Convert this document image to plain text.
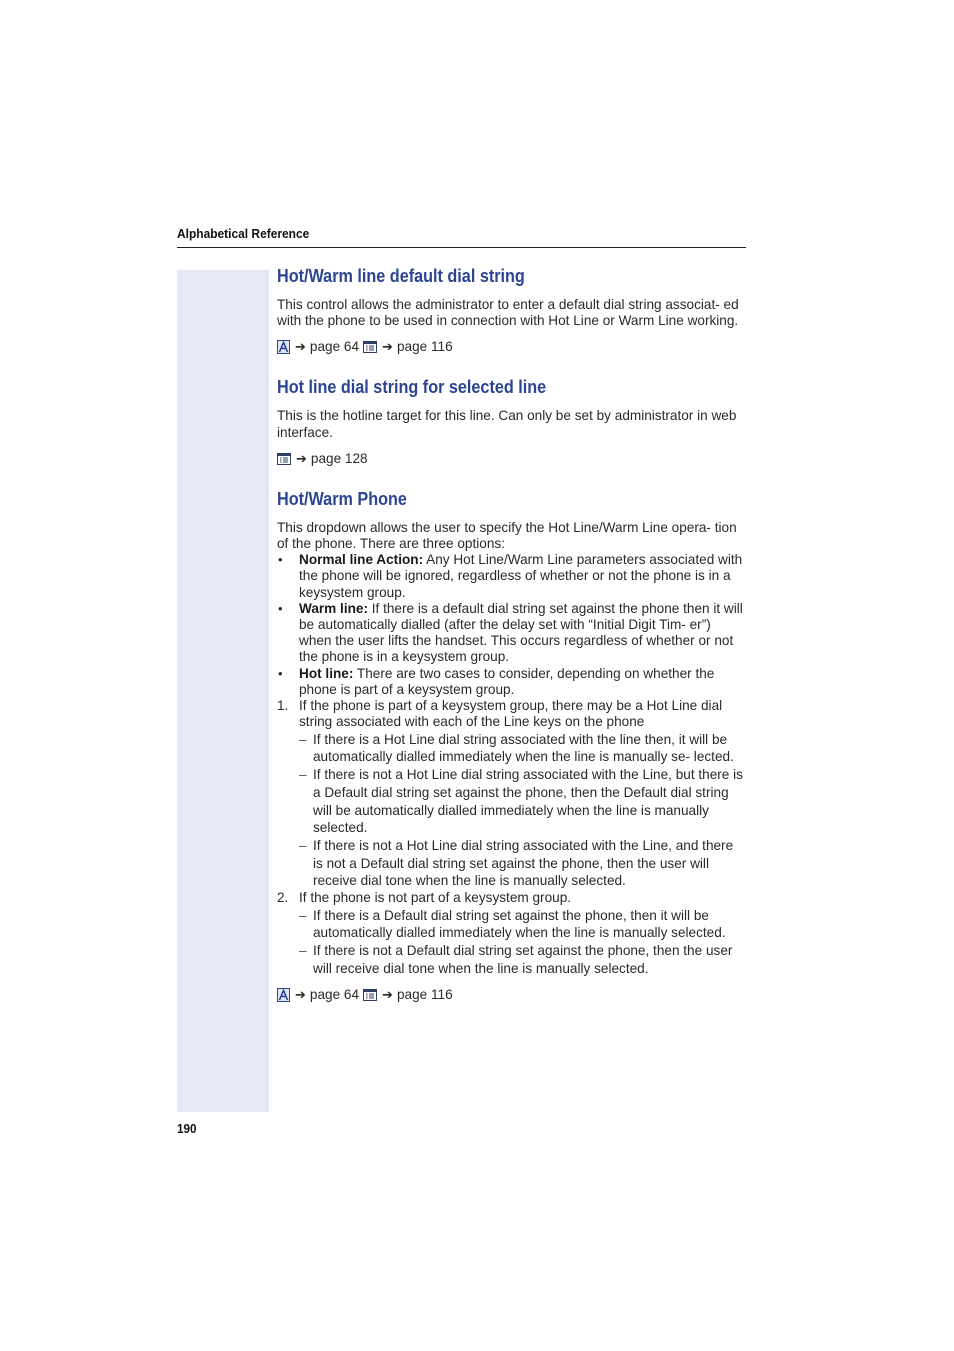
Alphabetical Reference
Hot/Warm line default dial string

This control allows the administrator to enter a default dial string associat- ed with the phone to be used in connection with Hot Line or Warm Line working.

➔ page 64 ➔ page 116
Hot line dial string for selected line

This is the hotline target for this line. Can only be set by administrator in web interface.

➔ page 128
Hot/Warm Phone

This dropdown allows the user to specify the Hot Line/Warm Line opera- tion of the phone. There are three options:

• Normal line Action: Any Hot Line/Warm Line parameters associated with the phone will be ignored, regardless of whether or not the phone is in a keysystem group.
• Warm line: If there is a default dial string set against the phone then it will be automatically dialled (after the delay set with “Initial Digit Tim- er”) when the user lifts the handset. This occurs regardless of whether or not the phone is in a keysystem group.
• Hot line: There are two cases to consider, depending on whether the phone is part of a keysystem group.
1. If the phone is part of a keysystem group, there may be a Hot Line dial string associated with each of the Line keys on the phone
– If there is a Hot Line dial string associated with the line then, it will be automatically dialled immediately when the line is manually se- lected.
– If there is not a Hot Line dial string associated with the Line, but there is a Default dial string set against the phone, then the Default dial string will be automatically dialled immediately when the line is manually selected.
– If there is not a Hot Line dial string associated with the Line, and there is not a Default dial string set against the phone, then the user will receive dial tone when the line is manually selected.
2. If the phone is not part of a keysystem group.
– If there is a Default dial string set against the phone, then it will be automatically dialled immediately when the line is manually selected.
– If there is not a Default dial string set against the phone, then the user will receive dial tone when the line is manually selected.
➔ page 64 ➔ page 116
190
